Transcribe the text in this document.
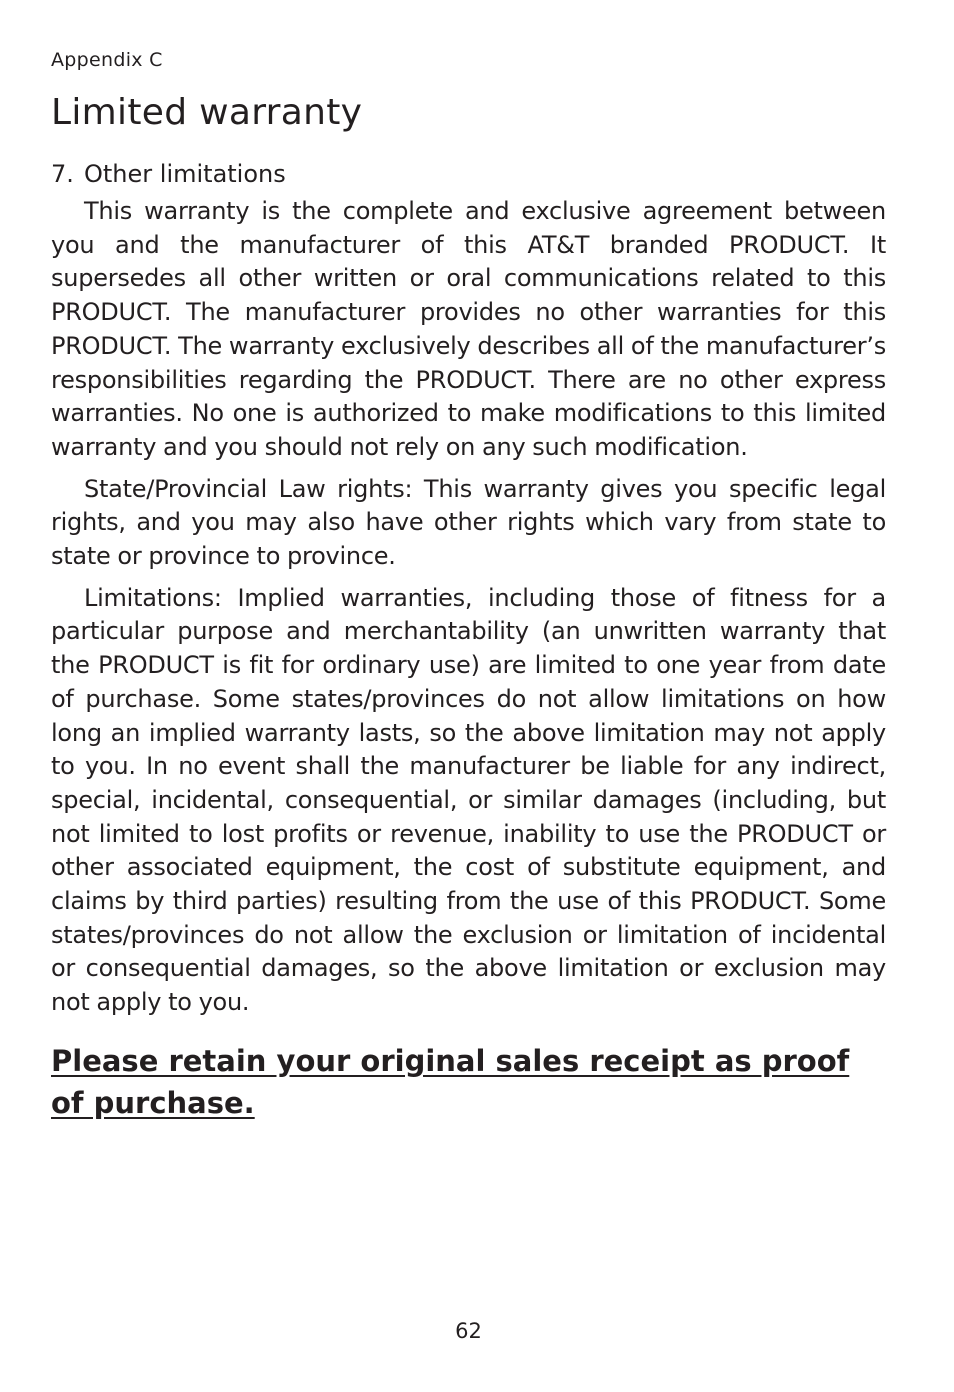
Appendix C
Limited warranty
7. Other limitations

This warranty is the complete and exclusive agreement between you and the manufacturer of this AT&T branded PRODUCT. It supersedes all other written or oral communications related to this PRODUCT. The manufacturer provides no other warranties for this PRODUCT. The warranty exclusively describes all of the manufacturer’s responsibilities regarding the PRODUCT. There are no other express warranties. No one is authorized to make modifications to this limited warranty and you should not rely on any such modification.

State/Provincial Law rights: This warranty gives you specific legal rights, and you may also have other rights which vary from state to state or province to province.

Limitations: Implied warranties, including those of fitness for a particular purpose and merchantability (an unwritten warranty that the PRODUCT is fit for ordinary use) are limited to one year from date of purchase. Some states/provinces do not allow limitations on how long an implied warranty lasts, so the above limitation may not apply to you. In no event shall the manufacturer be liable for any indirect, special, incidental, consequential, or similar damages (including, but not limited to lost profits or revenue, inability to use the PRODUCT or other associated equipment, the cost of substitute equipment, and claims by third parties) resulting from the use of this PRODUCT. Some states/provinces do not allow the exclusion or limitation of incidental or consequential damages, so the above limitation or exclusion may not apply to you.

Please retain your original sales receipt as proof of purchase.

62
